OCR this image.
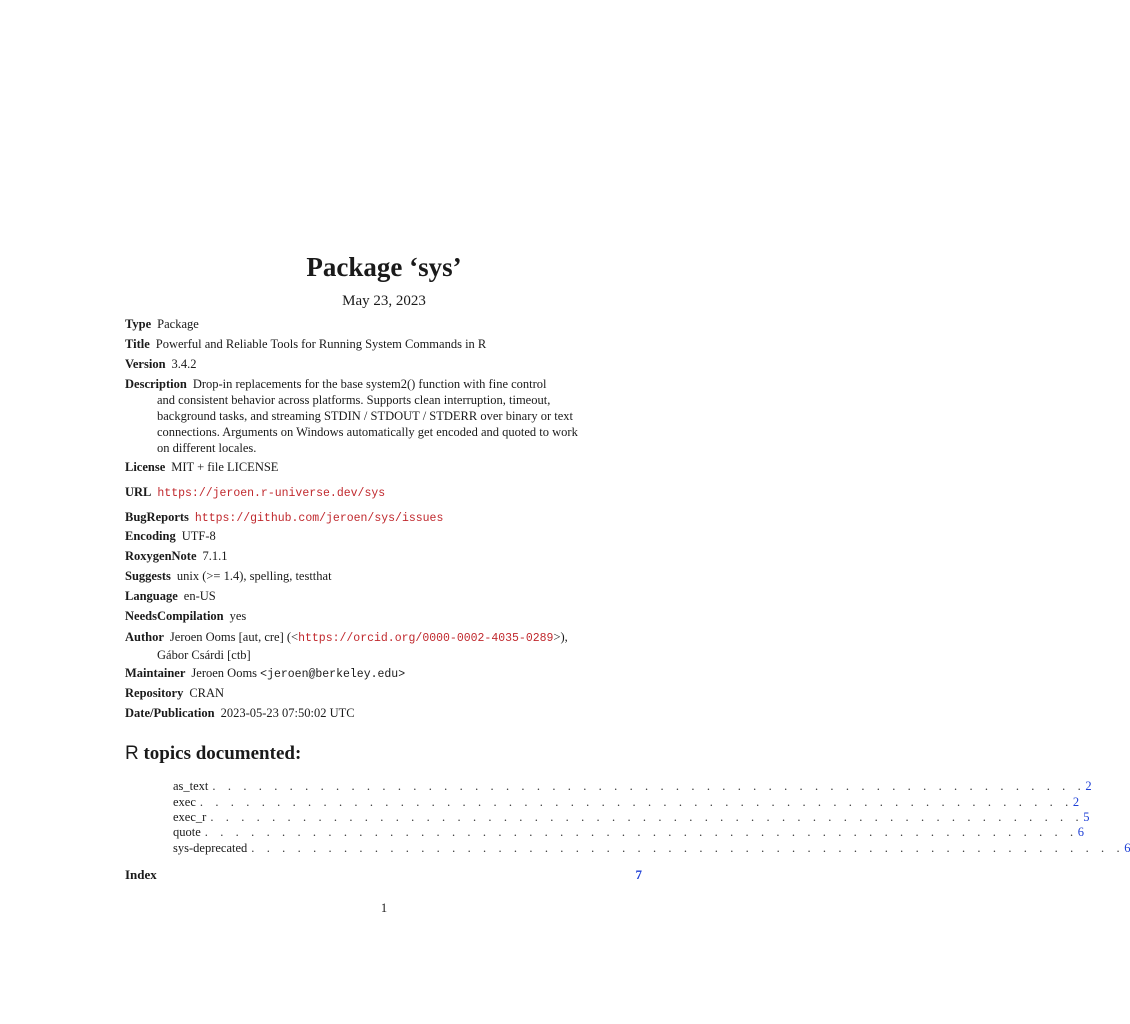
Package ‘sys’
May 23, 2023
Type Package
Title Powerful and Reliable Tools for Running System Commands in R
Version 3.4.2
Description Drop-in replacements for the base system2() function with fine control
and consistent behavior across platforms. Supports clean interruption, timeout,
background tasks, and streaming STDIN / STDOUT / STDERR over binary or text
connections. Arguments on Windows automatically get encoded and quoted to work
on different locales.
License MIT + file LICENSE
URL https://jeroen.r-universe.dev/sys
BugReports https://github.com/jeroen/sys/issues
Encoding UTF-8
RoxygenNote 7.1.1
Suggests unix (>= 1.4), spelling, testthat
Language en-US
NeedsCompilation yes
Author Jeroen Ooms [aut, cre] (<https://orcid.org/0000-0002-4035-0289>),
Gábor Csárdi [ctb]
Maintainer Jeroen Ooms <jeroen@berkeley.edu>
Repository CRAN
Date/Publication 2023-05-23 07:50:02 UTC
R topics documented:
as_text . . . . . . . . . . . . . . . . . . . . . . . . . . . . . . . . . . . . . . . . . . . . . . . . . . . . . . . . . 2
exec . . . . . . . . . . . . . . . . . . . . . . . . . . . . . . . . . . . . . . . . . . . . . . . . . . . . . . . . . 2
exec_r . . . . . . . . . . . . . . . . . . . . . . . . . . . . . . . . . . . . . . . . . . . . . . . . . . . . . . . . . 5
quote . . . . . . . . . . . . . . . . . . . . . . . . . . . . . . . . . . . . . . . . . . . . . . . . . . . . . . . . . 6
sys-deprecated . . . . . . . . . . . . . . . . . . . . . . . . . . . . . . . . . . . . . . . . . . . . . . . . . . . . . . . . . 6
Index	7
1
